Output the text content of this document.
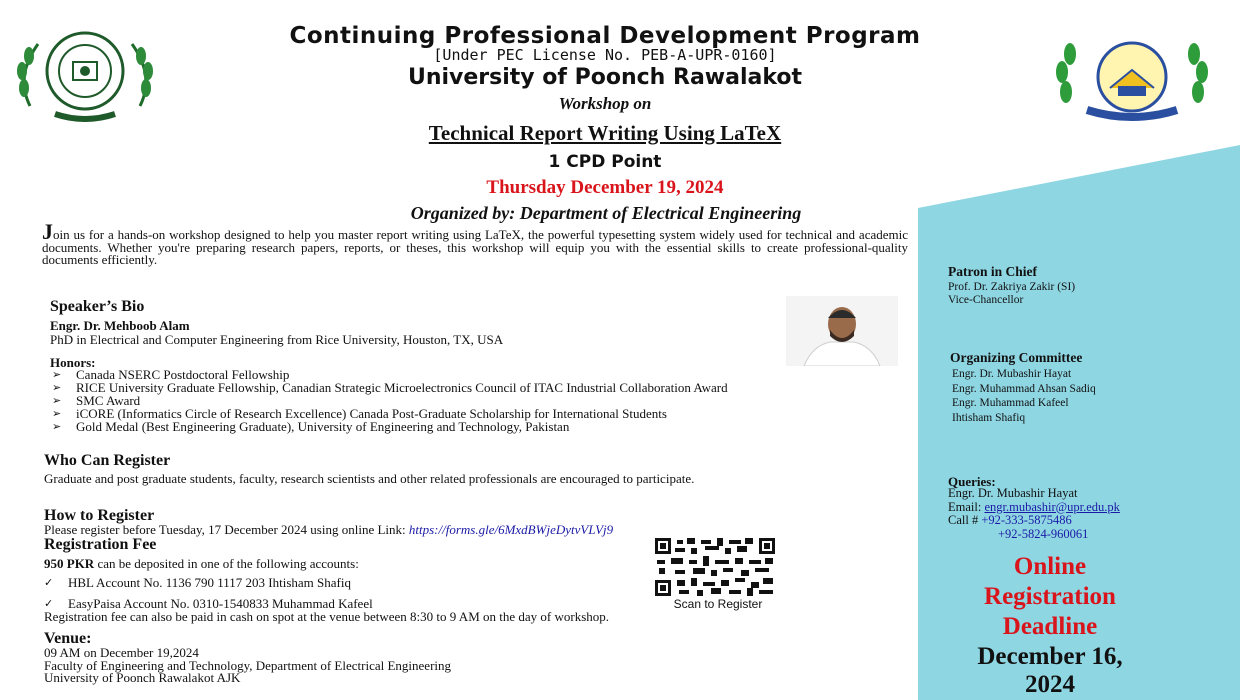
Continuing Professional Development Program
[Under PEC License No. PEB-A-UPR-0160]
University of Poonch Rawalakot
Workshop on
Technical Report Writing Using LaTeX
1 CPD Point
Thursday December 19, 2024
Organized by: Department of Electrical Engineering
Join us for a hands-on workshop designed to help you master report writing using LaTeX, the powerful typesetting system widely used for technical and academic documents. Whether you're preparing research papers, reports, or theses, this workshop will equip you with the essential skills to create professional-quality documents efficiently.
Speaker’s Bio
Engr. Dr. Mehboob Alam
PhD in Electrical and Computer Engineering from Rice University, Houston, TX, USA
Honors:
➢ Canada NSERC Postdoctoral Fellowship
➢ RICE University Graduate Fellowship, Canadian Strategic Microelectronics Council of ITAC Industrial Collaboration Award
➢ SMC Award
➢ iCORE (Informatics Circle of Research Excellence) Canada Post-Graduate Scholarship for International Students
➢ Gold Medal (Best Engineering Graduate), University of Engineering and Technology, Pakistan
Who Can Register
Graduate and post graduate students, faculty, research scientists and other related professionals are encouraged to participate.
How to Register
Please register before Tuesday, 17 December 2024 using online Link: https://forms.gle/6MxdBWjeDytvVLVj9
Registration Fee
950 PKR can be deposited in one of the following accounts:
✓ HBL Account No. 1136 790 1117 203 Ihtisham Shafiq
✓ EasyPaisa Account No. 0310-1540833 Muhammad Kafeel	Scan to Register
Registration fee can also be paid in cash on spot at the venue between 8:30 to 9 AM on the day of workshop.
Venue:
09 AM on December 19,2024
Faculty of Engineering and Technology, Department of Electrical Engineering
University of Poonch Rawalakot AJK
Patron in Chief
Prof. Dr. Zakriya Zakir (SI)
Vice-Chancellor
Organizing Committee
Engr. Dr. Mubashir Hayat
Engr. Muhammad Ahsan Sadiq
Engr. Muhammad Kafeel
Ihtisham Shafiq
Queries:
Engr. Dr. Mubashir Hayat
Email: engr.mubashir@upr.edu.pk
Call # +92-333-5875486
+92-5824-960061
Online
Registration
Deadline
December 16,
2024
